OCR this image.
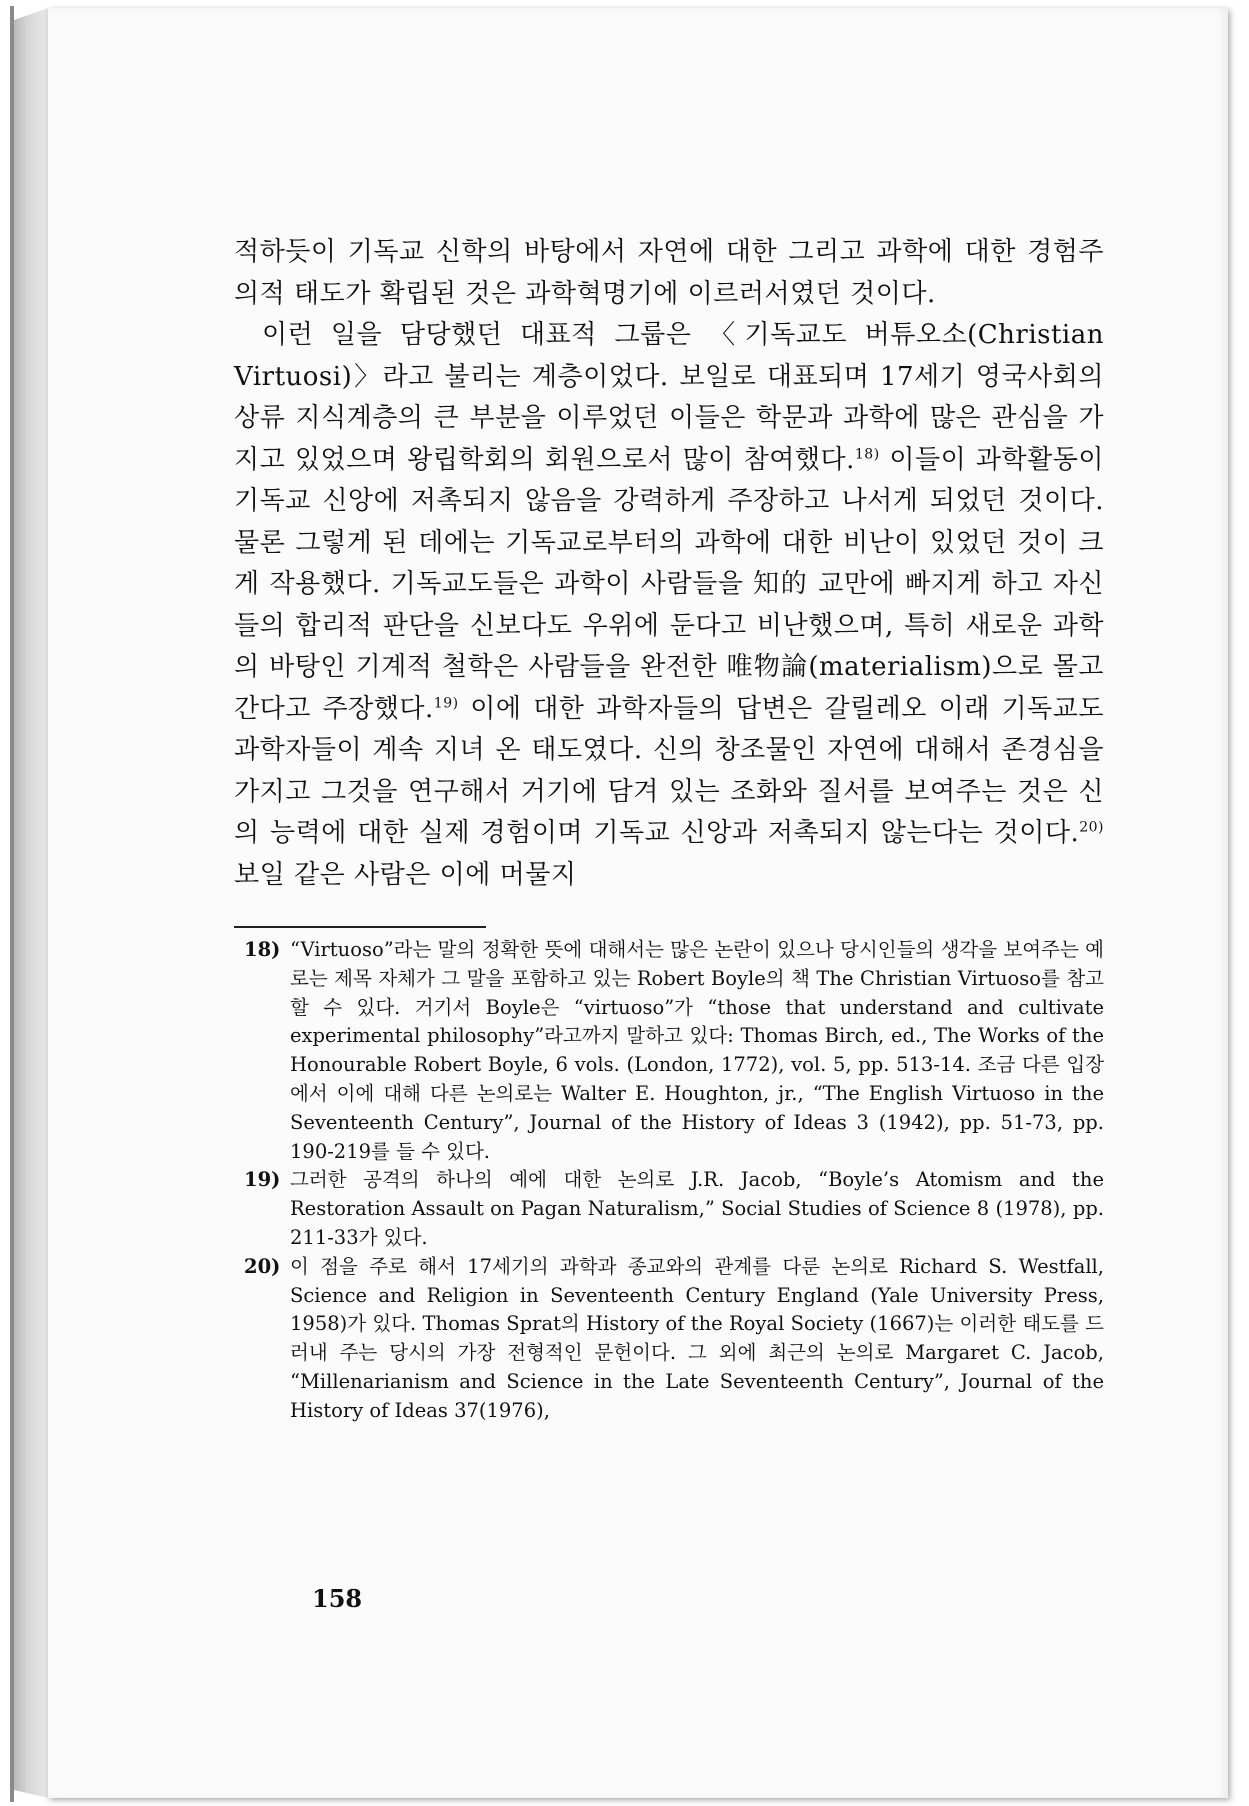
적하듯이 기독교 신학의 바탕에서 자연에 대한 그리고 과학에 대한 경험주의적 태도가 확립된 것은 과학혁명기에 이르러서였던 것이다.

이런 일을 담당했던 대표적 그룹은 〈기독교도 버튜오소(Christian Virtuosi)〉라고 불리는 계층이었다. 보일로 대표되며 17세기 영국사회의 상류 지식계층의 큰 부분을 이루었던 이들은 학문과 과학에 많은 관심을 가지고 있었으며 왕립학회의 회원으로서 많이 참여했다.$^{18)}$ 이들이 과학활동이 기독교 신앙에 저촉되지 않음을 강력하게 주장하고 나서게 되었던 것이다. 물론 그렇게 된 데에는 기독교로부터의 과학에 대한 비난이 있었던 것이 크게 작용했다. 기독교도들은 과학이 사람들을 知的 교만에 빠지게 하고 자신들의 합리적 판단을 신보다도 우위에 둔다고 비난했으며, 특히 새로운 과학의 바탕인 기계적 철학은 사람들을 완전한 唯物論(materialism)으로 몰고 간다고 주장했다.$^{19)}$ 이에 대한 과학자들의 답변은 갈릴레오 이래 기독교도 과학자들이 계속 지녀 온 태도였다. 신의 창조물인 자연에 대해서 존경심을 가지고 그것을 연구해서 거기에 담겨 있는 조화와 질서를 보여주는 것은 신의 능력에 대한 실제 경험이며 기독교 신앙과 저촉되지 않는다는 것이다.$^{20)}$ 보일 같은 사람은 이에 머물지

18) “Virtuoso”라는 말의 정확한 뜻에 대해서는 많은 논란이 있으나 당시인들의 생각을 보여주는 예로는 제목 자체가 그 말을 포함하고 있는 Robert Boyle의 책 The Christian Virtuoso를 참고할 수 있다. 거기서 Boyle은 “virtuoso”가 “those that understand and cultivate experimental philosophy”라고까지 말하고 있다: Thomas Birch, ed., The Works of the Honourable Robert Boyle, 6 vols. (London, 1772), vol. 5, pp. 513-14. 조금 다른 입장에서 이에 대해 다른 논의로는 Walter E. Houghton, jr., “The English Virtuoso in the Seventeenth Century”, Journal of the History of Ideas 3 (1942), pp. 51-73, pp. 190-219를 들 수 있다.
19) 그러한 공격의 하나의 예에 대한 논의로 J.R. Jacob, “Boyle’s Atomism and the Restoration Assault on Pagan Naturalism,” Social Studies of Science 8 (1978), pp. 211-33가 있다.
20) 이 점을 주로 해서 17세기의 과학과 종교와의 관계를 다룬 논의로 Richard S. Westfall, Science and Religion in Seventeenth Century England (Yale University Press, 1958)가 있다. Thomas Sprat의 History of the Royal Society (1667)는 이러한 태도를 드러내 주는 당시의 가장 전형적인 문헌이다. 그 외에 최근의 논의로 Margaret C. Jacob, “Millenarianism and Science in the Late Seventeenth Century”, Journal of the History of Ideas 37(1976),
158
